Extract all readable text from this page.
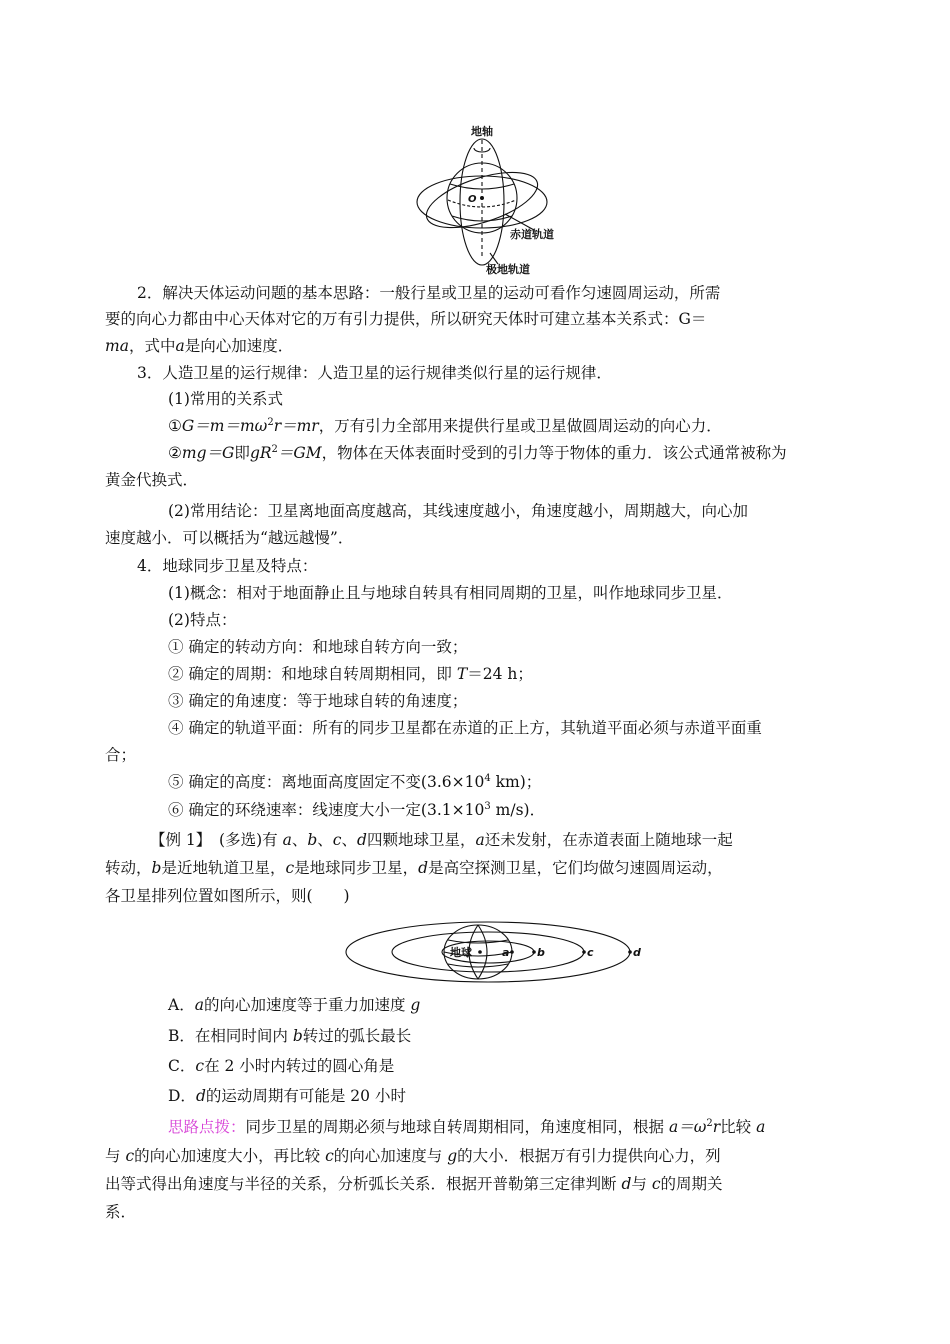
地轴
O
赤道轨道
极地轨道
2．解决天体运动问题的基本思路：一般行星或卫星的运动可看作匀速圆周运动，所需
要的向心力都由中心天体对它的万有引力提供，所以研究天体时可建立基本关系式：G＝
ma，式中a是向心加速度．
3．人造卫星的运行规律：人造卫星的运行规律类似行星的运行规律．
(1)常用的关系式
$①G=m=m\omega^2r=mr$，万有引力全部用来提供行星或卫星做圆周运动的向心力．
②mg＝G即$gR^2=GM$，物体在天体表面时受到的引力等于物体的重力．该公式通常被称为
黄金代换式．
(2)常用结论：卫星离地面高度越高，其线速度越小，角速度越小，周期越大，向心加
速度越小．可以概括为“越远越慢”．
4．地球同步卫星及特点：
(1)概念：相对于地面静止且与地球自转具有相同周期的卫星，叫作地球同步卫星．
(2)特点：
① 确定的转动方向：和地球自转方向一致；
② 确定的周期：和地球自转周期相同，即 T＝24 h；
③ 确定的角速度：等于地球自转的角速度；
④ 确定的轨道平面：所有的同步卫星都在赤道的正上方，其轨道平面必须与赤道平面重
合；
⑤ 确定的高度：离地面高度固定不变($3.6\times 10^4$ km)；
⑥ 确定的环绕速率：线速度大小一定($3.1\times 10^3$ m/s)．
【例 1】　(多选)有 a、b、c、d四颗地球卫星，a还未发射，在赤道表面上随地球一起
转动，b是近地轨道卫星，c是地球同步卫星，d是高空探测卫星，它们均做匀速圆周运动，
各卫星排列位置如图所示，则(　　)
地球	a	b	c	d
A．a的向心加速度等于重力加速度 g
B．在相同时间内 b转过的弧长最长
C．c在 2 小时内转过的圆心角是
D．d的运动周期有可能是 20 小时
思路点拨：同步卫星的周期必须与地球自转周期相同，角速度相同，根据 $a=\omega^2r$比较 a
与 c的向心加速度大小，再比较 c的向心加速度与 g的大小．根据万有引力提供向心力，列
出等式得出角速度与半径的关系，分析弧长关系．根据开普勒第三定律判断 d与 c的周期关
系．
